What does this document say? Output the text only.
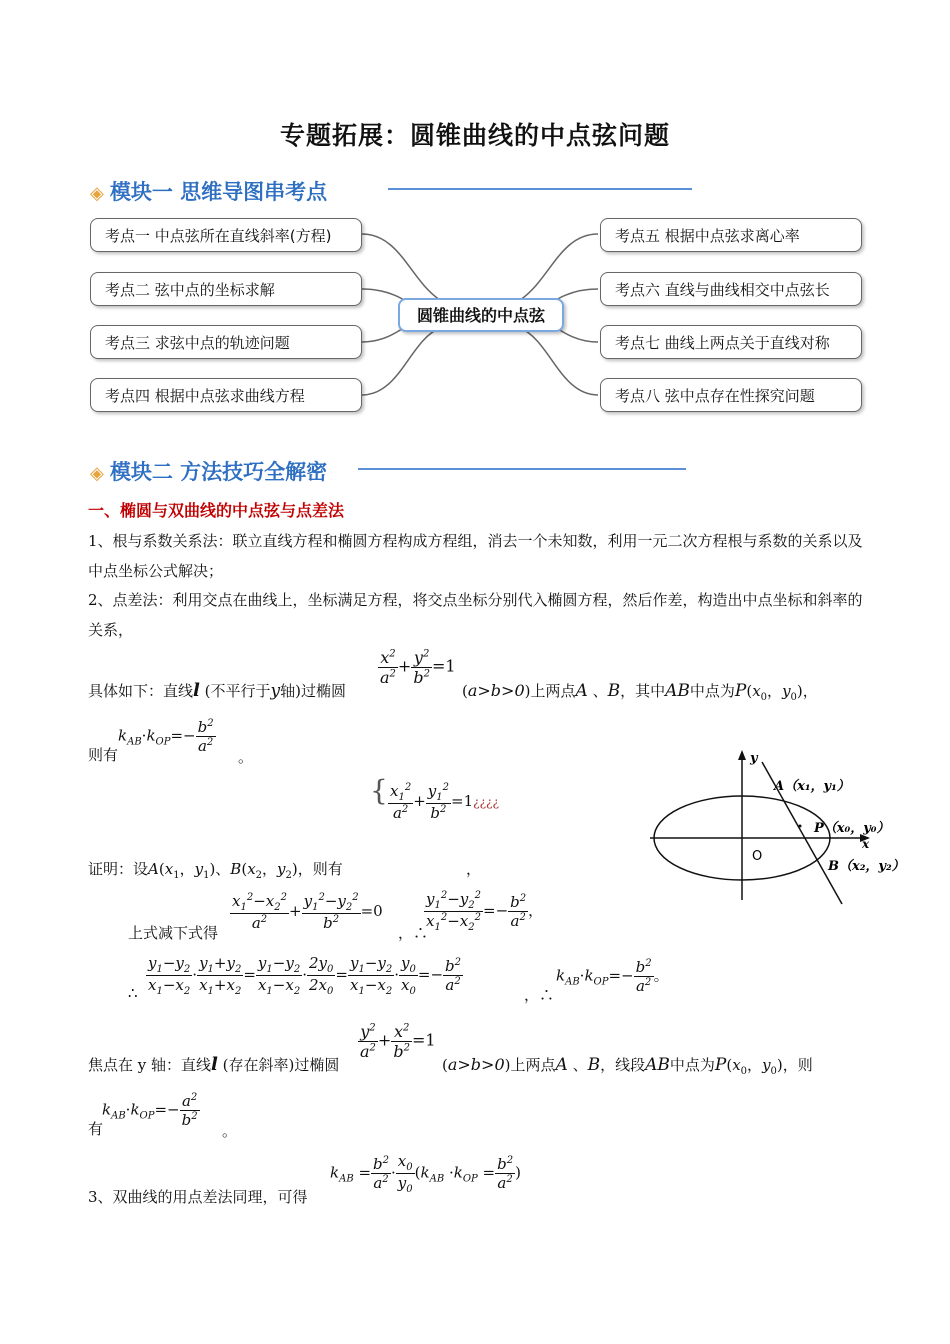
专题拓展：圆锥曲线的中点弦问题
◈ 模块一 思维导图串考点
考点一 中点弦所在直线斜率(方程)
考点二 弦中点的坐标求解
考点三 求弦中点的轨迹问题
考点四 根据中点弦求曲线方程
圆锥曲线的中点弦
考点五 根据中点弦求离心率
考点六 直线与曲线相交中点弦长
考点七 曲线上两点关于直线对称
考点八 弦中点存在性探究问题
◈ 模块二 方法技巧全解密
一、椭圆与双曲线的中点弦与点差法
1、根与系数关系法：联立直线方程和椭圆方程构成方程组，消去一个未知数，利用一元二次方程根与系数的关系以及中点坐标公式解决；
2、点差法：利用交点在曲线上，坐标满足方程，将交点坐标分别代入椭圆方程，然后作差，构造出中点坐标和斜率的关系，
具体如下：直线l (不平行于y轴)过椭圆
$\frac{x^2}{a^2} + \frac{y^2}{b^2} =1$
(a>b>0)上两点A 、B，其中AB中点为$P(x_0$，$y_0$)，
$k_{AB}\cdot k_{OP}=- \frac{b^2}{a^2}$
则有	。
{ $\frac{x_1^2}{a^2} + \frac{y_1^2}{b^2}$ =1¿¿¿¿
证明：设$A(x_1$，$y_1$)、$B(x_2$，$y_2$)，则有	，
上式减下式得
$\frac{x_1^2-x_2^2}{a^2} + \frac{y_1^2-y_2^2}{b^2} =0$
，∴
$\frac{y_1^2-y_2^2}{x_1^2-x_2^2} =- \frac{b^2}{a^2}$ ，
∴ $\frac{y_1-y_2}{x_1-x_2} \cdot \frac{y_1+y_2}{x_1+x_2} = \frac{y_1-y_2}{x_1-x_2} \cdot \frac{2y_0}{2x_0} = \frac{y_1-y_2}{x_1-x_2} \cdot \frac{y_0}{x_0} =- \frac{b^2}{a^2}$
，∴
$k_{AB}\cdot k_{OP}=- \frac{b^2}{a^2}$ 。
焦点在 y 轴：直线l (存在斜率)过椭圆
$\frac{y^2}{a^2} + \frac{x^2}{b^2} =1$
(a>b>0)上两点A 、B，线段AB中点为$P(x_0$，$y_0$)，则
$k_{AB}\cdot k_{OP}=- \frac{a^2}{b^2}$
有	。
3、双曲线的用点差法同理，可得
$k_{AB} = \frac{b^2}{a^2} \cdot \frac{x_0}{y_0} (k_{AB} \cdot k_{OP} = \frac{b^2}{a^2}$ )
y
x
O
A（x₁，y₁）
P（x₀，y₀）
B（x₂，y₂）
